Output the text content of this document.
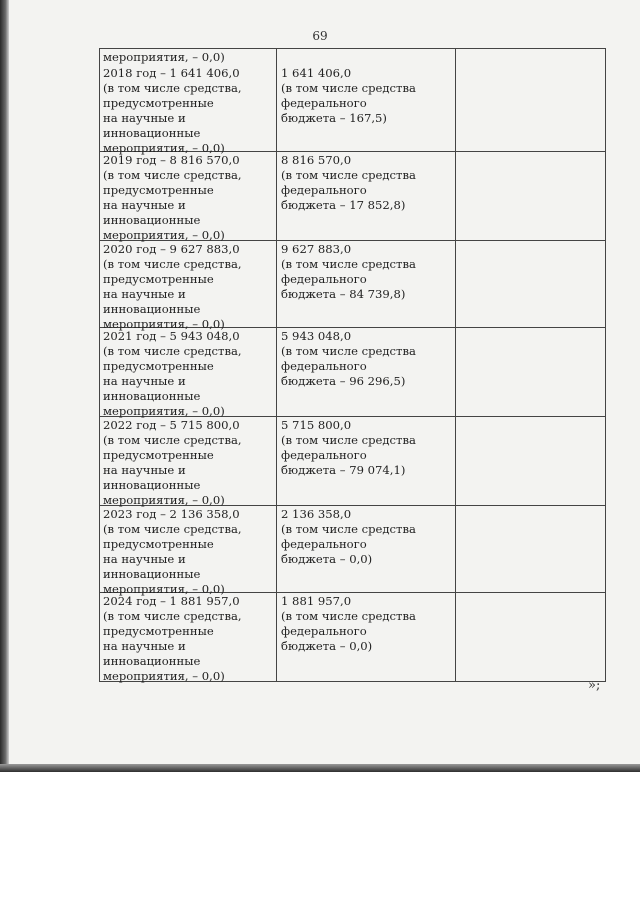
69
мероприятия, – 0,0)
2018 год – 1 641 406,0
(в том числе средства,
предусмотренные
на научные и
инновационные
мероприятия, – 0,0)
1 641 406,0
(в том числе средства
федерального
бюджета – 167,5)
2019 год – 8 816 570,0
(в том числе средства,
предусмотренные
на научные и
инновационные
мероприятия, – 0,0)
8 816 570,0
(в том числе средства
федерального
бюджета – 17 852,8)
2020 год – 9 627 883,0
(в том числе средства,
предусмотренные
на научные и
инновационные
мероприятия, – 0,0)
9 627 883,0
(в том числе средства
федерального
бюджета – 84 739,8)
2021 год – 5 943 048,0
(в том числе средства,
предусмотренные
на научные и
инновационные
мероприятия, – 0,0)
5 943 048,0
(в том числе средства
федерального
бюджета – 96 296,5)
2022 год – 5 715 800,0
(в том числе средства,
предусмотренные
на научные и
инновационные
мероприятия, – 0,0)
5 715 800,0
(в том числе средства
федерального
бюджета – 79 074,1)
2023 год – 2 136 358,0
(в том числе средства,
предусмотренные
на научные и
инновационные
мероприятия, – 0,0)
2 136 358,0
(в том числе средства
федерального
бюджета – 0,0)
2024 год – 1 881 957,0
(в том числе средства,
предусмотренные
на научные и
инновационные
мероприятия, – 0,0)
1 881 957,0
(в том числе средства
федерального
бюджета – 0,0)
»;
